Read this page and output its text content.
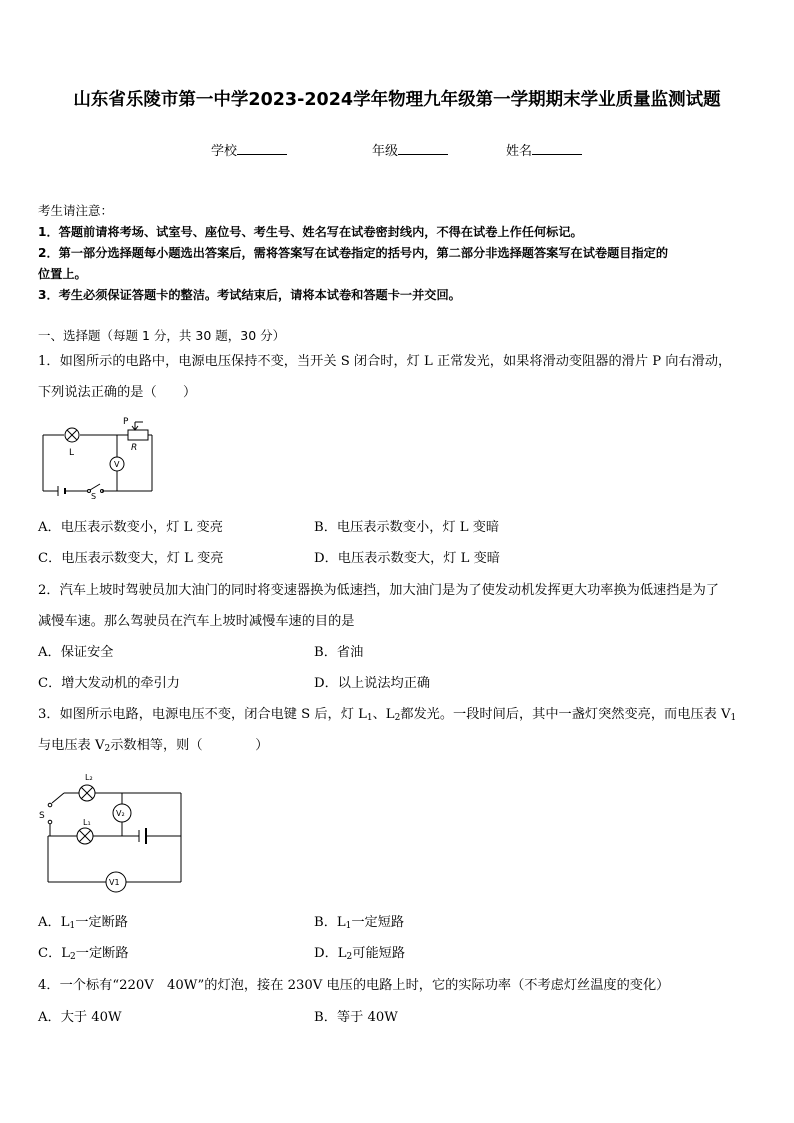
山东省乐陵市第一中学2023-2024学年物理九年级第一学期期末学业质量监测试题
学校	年级	姓名
考生请注意：
1．答题前请将考场、试室号、座位号、考生号、姓名写在试卷密封线内，不得在试卷上作任何标记。
2．第一部分选择题每小题选出答案后，需将答案写在试卷指定的括号内，第二部分非选择题答案写在试卷题目指定的
位置上。
3．考生必须保证答题卡的整洁。考试结束后，请将本试卷和答题卡一并交回。
一、选择题（每题 1 分，共 30 题，30 分）
1．如图所示的电路中，电源电压保持不变，当开关 S 闭合时，灯 L 正常发光，如果将滑动变阻器的滑片 P 向右滑动，
下列说法正确的是（　　）
L
P
R
V
S
A．电压表示数变小，灯 L 变亮	B．电压表示数变小，灯 L 变暗
C．电压表示数变大，灯 L 变亮	D．电压表示数变大，灯 L 变暗
2．汽车上坡时驾驶员加大油门的同时将变速器换为低速挡，加大油门是为了使发动机发挥更大功率换为低速挡是为了
减慢车速。那么驾驶员在汽车上坡时减慢车速的目的是
A．保证安全	B．省油
C．增大发动机的牵引力	D．以上说法均正确
3．如图所示电路，电源电压不变，闭合电键 S 后，灯 $L_1$、$L_2$都发光。一段时间后，其中一盏灯突然变亮，而电压表 $V_1$
与电压表 $V_2$示数相等，则（　　　　）
L₂
L₁
V₂
V1
S
A．$L_1$一定断路	B．$L_1$一定短路
C．$L_2$一定断路	D．$L_2$可能短路
4．一个标有“220V　40W”的灯泡，接在 230V 电压的电路上时，它的实际功率（不考虑灯丝温度的变化）
A．大于 40W	B．等于 40W
